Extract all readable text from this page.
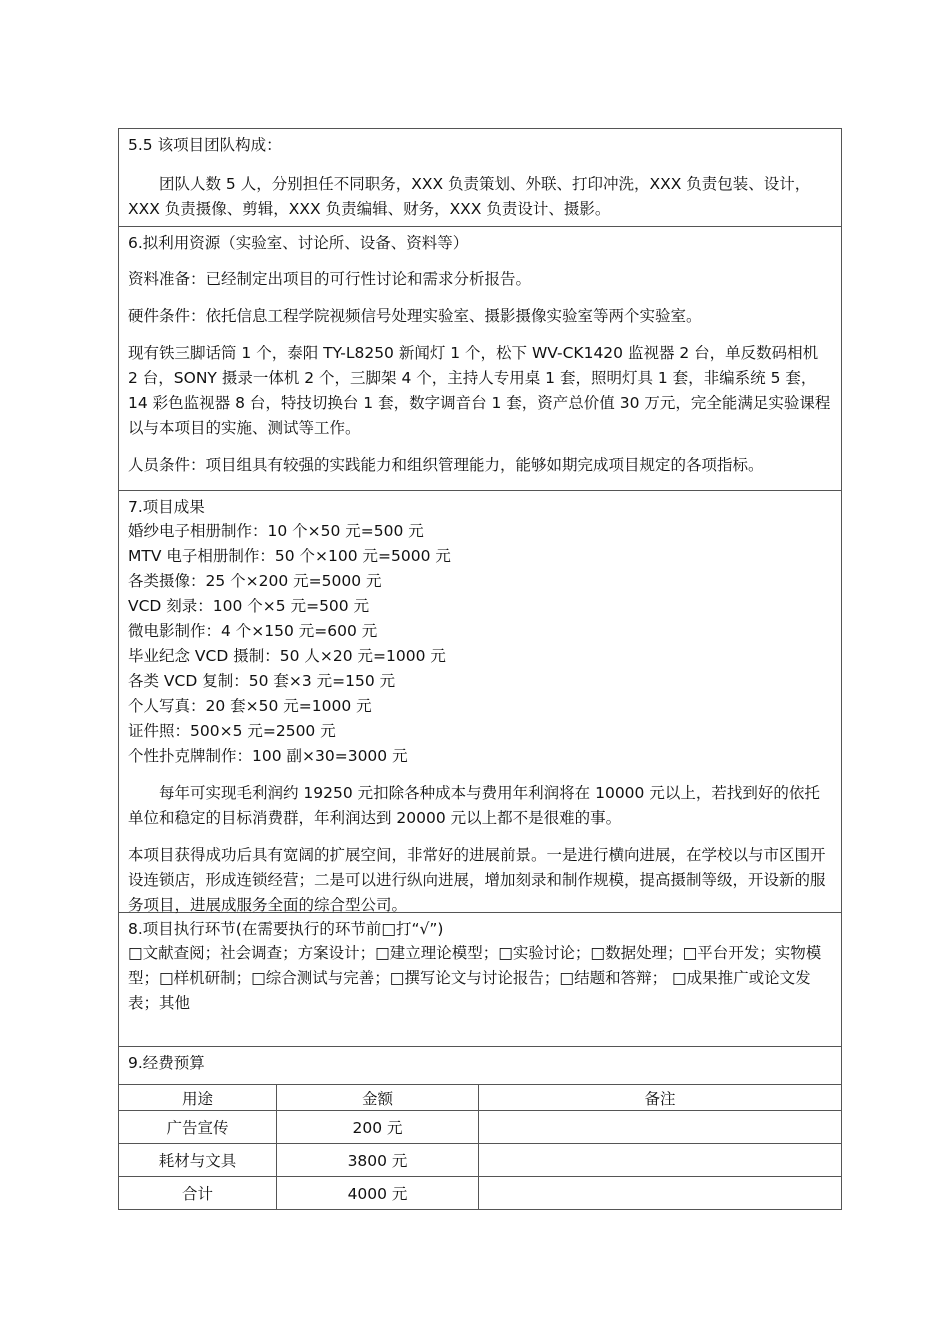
5.5 该项目团队构成：

团队人数 5 人，分别担任不同职务，XXX 负责策划、外联、打印冲洗，XXX 负责包装、设计，XXX 负责摄像、剪辑，XXX 负责编辑、财务，XXX 负责设计、摄影。

6.拟利用资源（实验室、讨论所、设备、资料等）

资料准备：已经制定出项目的可行性讨论和需求分析报告。

硬件条件：依托信息工程学院视频信号处理实验室、摄影摄像实验室等两个实验室。

现有铁三脚话筒 1 个，泰阳 TY-L8250 新闻灯 1 个，松下 WV-CK1420 监视器 2 台，单反数码相机 2 台，SONY 摄录一体机 2 个，三脚架 4 个，主持人专用桌 1 套，照明灯具 1 套，非编系统 5 套，14 彩色监视器 8 台，特技切换台 1 套，数字调音台 1 套，资产总价值 30 万元，完全能满足实验课程以与本项目的实施、测试等工作。

人员条件：项目组具有较强的实践能力和组织管理能力，能够如期完成项目规定的各项指标。

7.项目成果

婚纱电子相册制作：10 个×50 元=500 元

MTV 电子相册制作：50 个×100 元=5000 元

各类摄像：25 个×200 元=5000 元

VCD 刻录：100 个×5 元=500 元

微电影制作：4 个×150 元=600 元

毕业纪念 VCD 摄制：50 人×20 元=1000 元

各类 VCD 复制：50 套×3 元=150 元

个人写真：20 套×50 元=1000 元

证件照：500×5 元=2500 元

个性扑克牌制作：100 副×30=3000 元

每年可实现毛利润约 19250 元扣除各种成本与费用年利润将在 10000 元以上，若找到好的依托单位和稳定的目标消费群，年利润达到 20000 元以上都不是很难的事。

本项目获得成功后具有宽阔的扩展空间，非常好的进展前景。一是进行横向进展，在学校以与市区围开设连锁店，形成连锁经营；二是可以进行纵向进展，增加刻录和制作规模，提高摄制等级，开设新的服务项目，进展成服务全面的综合型公司。

8.项目执行环节(在需要执行的环节前□打“√”)

□文献查阅；社会调查；方案设计；□建立理论模型；□实验讨论；□数据处理；□平台开发；实物模型；□样机研制；□综合测试与完善；□撰写论文与讨论报告；□结题和答辩； □成果推广或论文发表；其他

9.经费预算
用途	金额	备注
广告宣传	200 元	
耗材与文具	3800 元	
合计	4000 元	
